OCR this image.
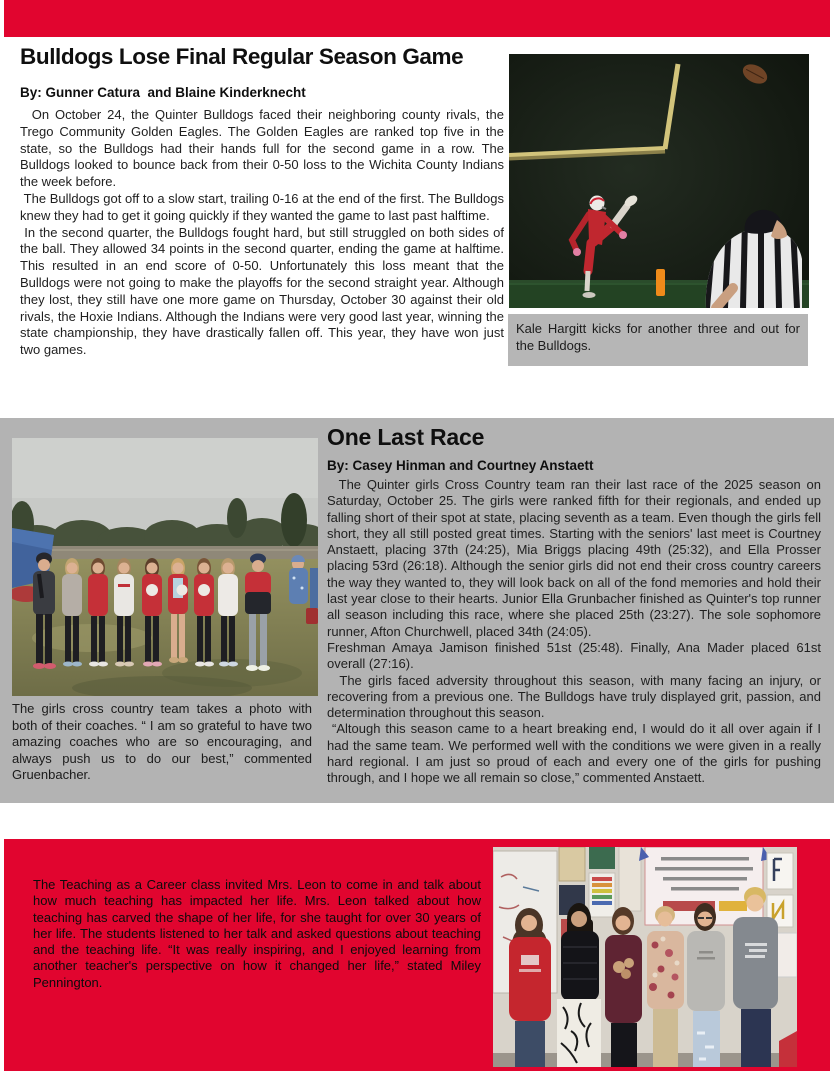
Bulldogs Lose Final Regular Season Game
By: Gunner Catura  and Blaine Kinderknecht

On October 24, the Quinter Bulldogs faced their neighboring county rivals, the Trego Community Golden Eagles. The Golden Eagles are ranked top five in the state, so the Bulldogs had their hands full for the second game in a row. The Bulldogs looked to bounce back from their 0-50 loss to the Wichita County Indians the week before.

The Bulldogs got off to a slow start, trailing 0-16 at the end of the first. The Bulldogs knew they had to get it going quickly if they wanted the game to last past halftime.

In the second quarter, the Bulldogs fought hard, but still struggled on both sides of the ball. They allowed 34 points in the second quarter, ending the game at halftime. This resulted in an end score of 0-50. Unfortunately this loss meant that the Bulldogs were not going to make the playoffs for the second straight year. Although they lost, they still have one more game on Thursday, October 30 against their old rivals, the Hoxie Indians. Although the Indians were very good last year, winning the state championship, they have drastically fallen off. This year, they have won just two games.

Kale Hargitt kicks for another three and out for the Bulldogs.
The girls cross country team takes a photo with both of their coaches. “ I am so grateful to have two amazing coaches who are so encouraging, and always push us to do our best,” commented Gruenbacher.
One Last Race
By: Casey Hinman and Courtney Anstaett

The Quinter girls Cross Country team ran their last race of the 2025 season on Saturday, October 25. The girls were ranked fifth for their regionals, and ended up falling short of their spot at state, placing seventh as a team. Even though the girls fell short, they all still posted great times. Starting with the seniors' last meet is Courtney Anstaett, placing 37th (24:25), Mia Briggs placing 49th (25:32), and Ella Prosser placing 53rd (26:18). Although the senior girls did not end their cross country careers the way they wanted to, they will look back on all of the fond memories and hold their last year close to their hearts. Junior Ella Grunbacher finished as Quinter's top runner all season including this race, where she placed 25th (23:27). The sole sophomore runner, Afton Churchwell, placed 34th (24:05).

Freshman Amaya Jamison finished 51st (25:48). Finally, Ana Mader placed 61st overall (27:16).

The girls faced adversity throughout this season, with many facing an injury, or recovering from a previous one. The Bulldogs have truly displayed grit, passion, and determination throughout this season.

“Altough this season came to a heart breaking end, I would do it all over again if I had the same team. We performed well with the conditions we were given in a really hard regional. I am just so proud of each and every one of the girls for pushing through, and I hope we all remain so close,” commented Anstaett.

The Teaching as a Career class invited Mrs. Leon to come in and talk about how much teaching has impacted her life. Mrs. Leon talked about how teaching has carved the shape of her life, for she taught for over 30 years of her life. The students listened to her talk and asked questions about teaching and the teaching life. “It was really inspiring, and I enjoyed learning from another teacher's perspective on how it changed her life,” stated Miley Pennington.
